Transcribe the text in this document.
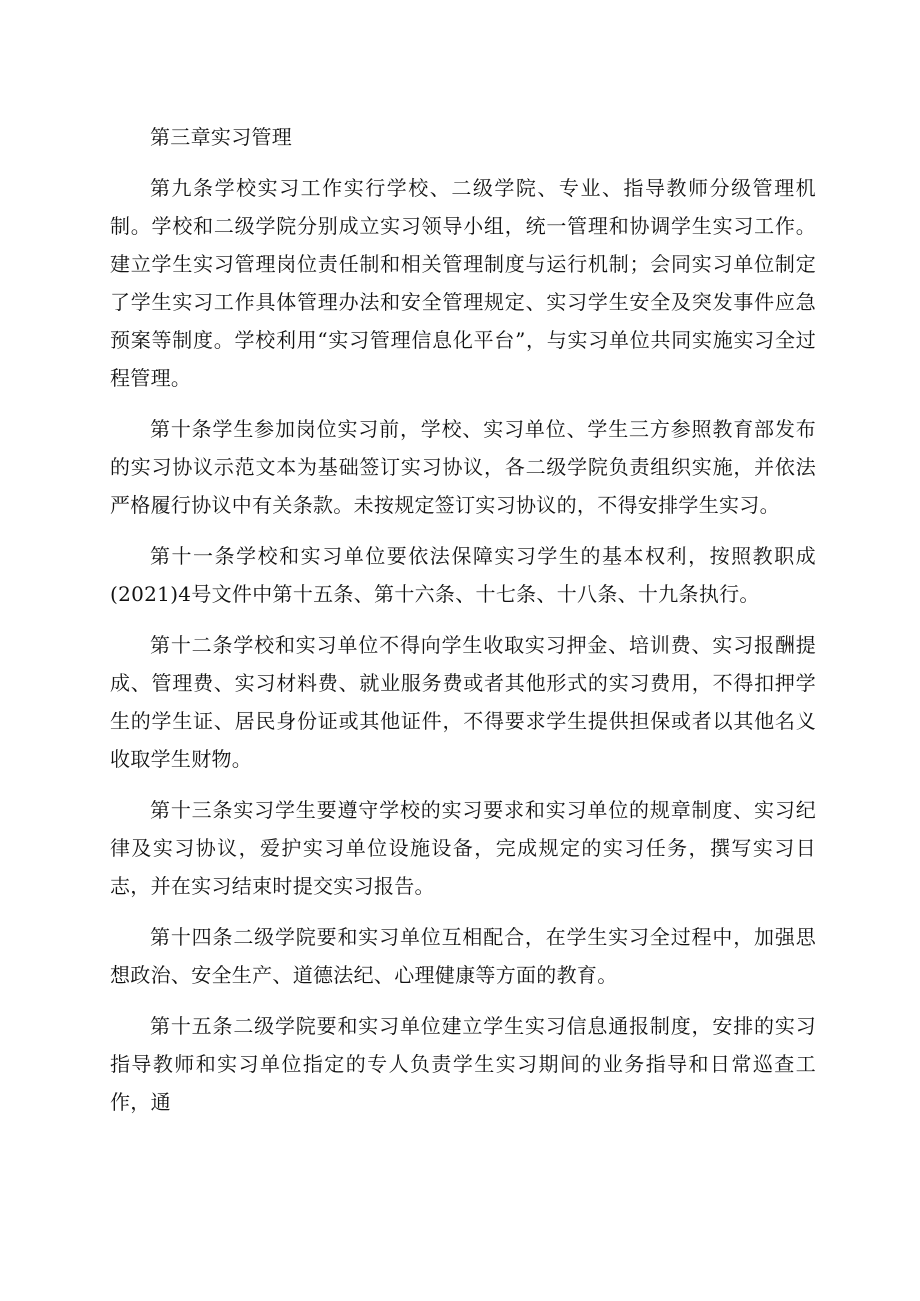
第三章实习管理

第九条学校实习工作实行学校、二级学院、专业、指导教师分级管理机制。学校和二级学院分别成立实习领导小组，统一管理和协调学生实习工作。建立学生实习管理岗位责任制和相关管理制度与运行机制；会同实习单位制定了学生实习工作具体管理办法和安全管理规定、实习学生安全及突发事件应急预案等制度。学校利用“实习管理信息化平台”，与实习单位共同实施实习全过程管理。

第十条学生参加岗位实习前，学校、实习单位、学生三方参照教育部发布的实习协议示范文本为基础签订实习协议，各二级学院负责组织实施，并依法严格履行协议中有关条款。未按规定签订实习协议的，不得安排学生实习。

第十一条学校和实习单位要依法保障实习学生的基本权利，按照教职成(2021)4号文件中第十五条、第十六条、十七条、十八条、十九条执行。

第十二条学校和实习单位不得向学生收取实习押金、培训费、实习报酬提成、管理费、实习材料费、就业服务费或者其他形式的实习费用，不得扣押学生的学生证、居民身份证或其他证件，不得要求学生提供担保或者以其他名义收取学生财物。

第十三条实习学生要遵守学校的实习要求和实习单位的规章制度、实习纪律及实习协议，爱护实习单位设施设备，完成规定的实习任务，撰写实习日志，并在实习结束时提交实习报告。

第十四条二级学院要和实习单位互相配合，在学生实习全过程中，加强思想政治、安全生产、道德法纪、心理健康等方面的教育。

第十五条二级学院要和实习单位建立学生实习信息通报制度，安排的实习指导教师和实习单位指定的专人负责学生实习期间的业务指导和日常巡查工作，通
